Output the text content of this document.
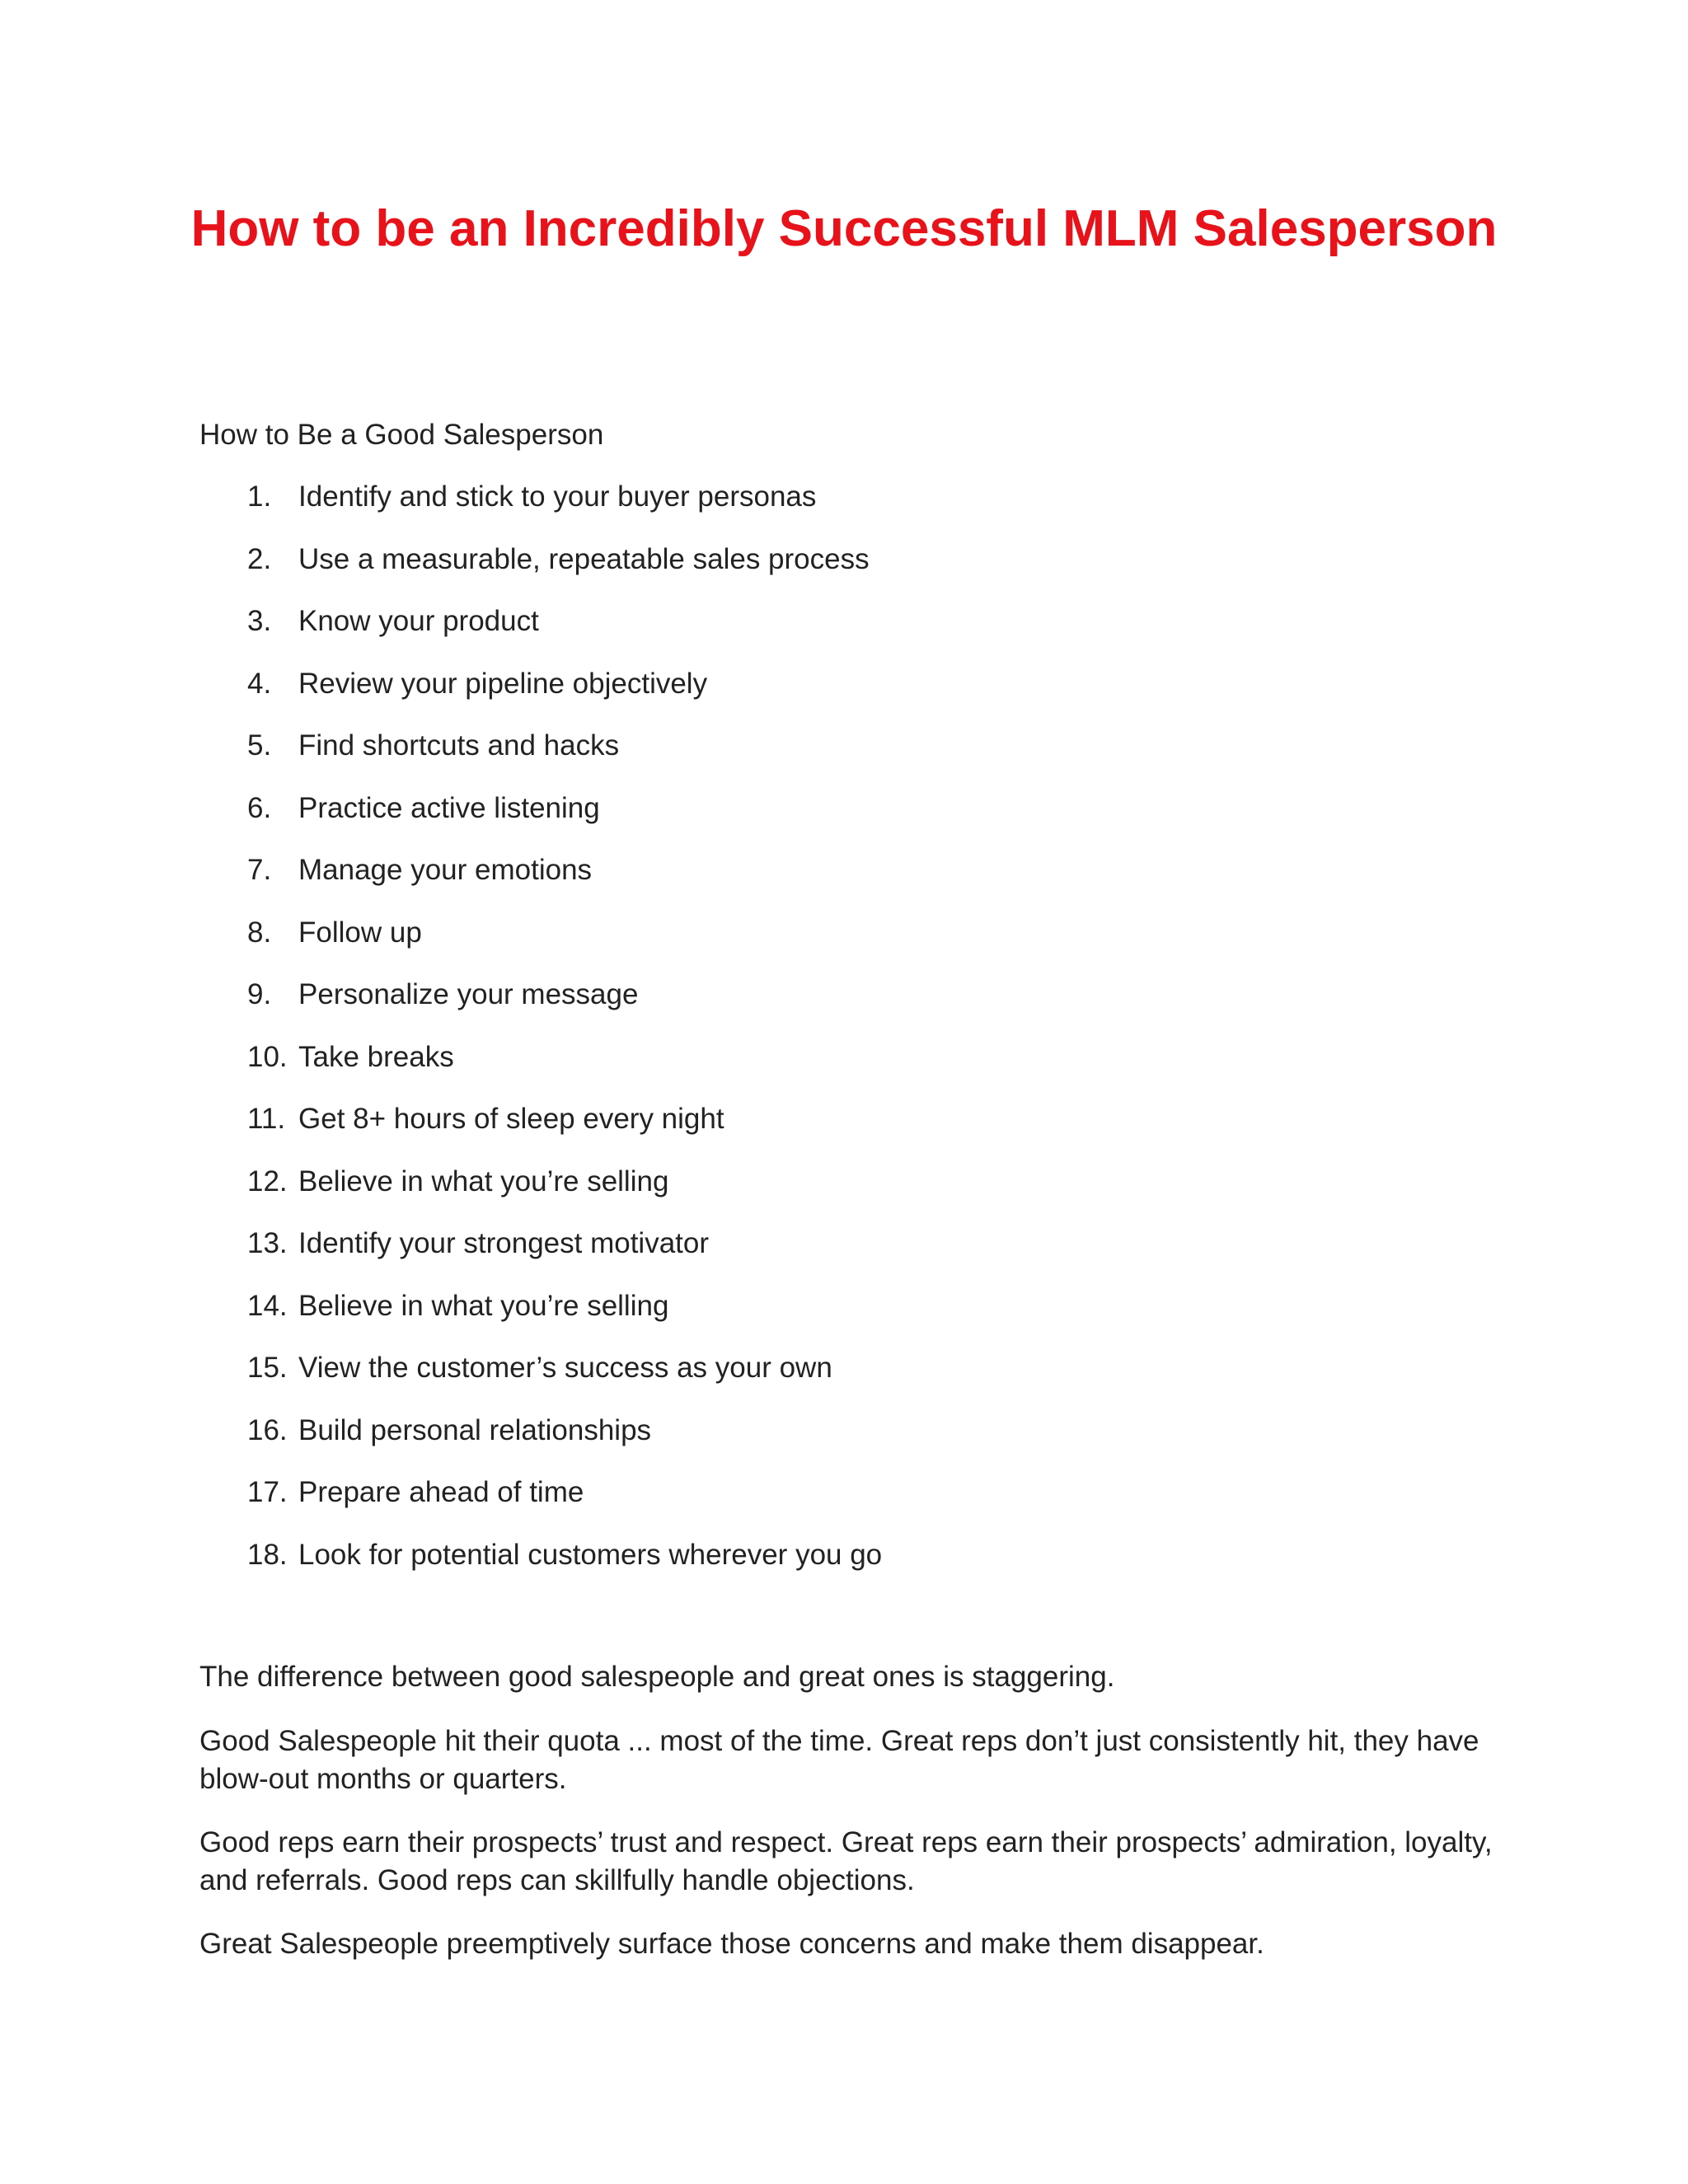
How to be an Incredibly Successful MLM Salesperson
How to Be a Good Salesperson
1. Identify and stick to your buyer personas
2. Use a measurable, repeatable sales process
3. Know your product
4. Review your pipeline objectively
5. Find shortcuts and hacks
6. Practice active listening
7. Manage your emotions
8. Follow up
9. Personalize your message
10. Take breaks
11. Get 8+ hours of sleep every night
12. Believe in what you’re selling
13. Identify your strongest motivator
14. Believe in what you’re selling
15. View the customer’s success as your own
16. Build personal relationships
17. Prepare ahead of time
18. Look for potential customers wherever you go

The difference between good salespeople and great ones is staggering.

Good Salespeople hit their quota ... most of the time. Great reps don’t just consistently hit, they have blow-out months or quarters.

Good reps earn their prospects’ trust and respect. Great reps earn their prospects’ admiration, loyalty, and referrals. Good reps can skillfully handle objections.

Great Salespeople preemptively surface those concerns and make them disappear.
